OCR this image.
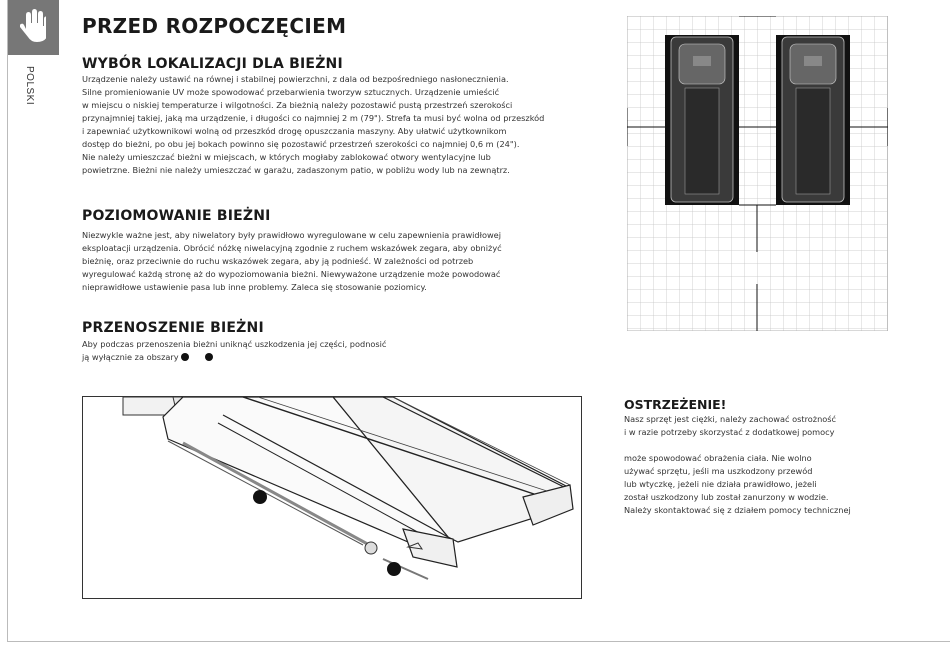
POLSKI
PRZED ROZPOCZĘCIEM
WYBÓR LOKALIZACJI DLA BIEŻNI

Urządzenie należy ustawić na równej i stabilnej powierzchni, z dala od bezpośredniego nasłonecznienia.
Silne promieniowanie UV może spowodować przebarwienia tworzyw sztucznych. Urządzenie umieścić
w miejscu o niskiej temperaturze i wilgotności. Za bieżnią należy pozostawić pustą przestrzeń szerokości
przynajmniej takiej, jaką ma urządzenie, i długości co najmniej 2 m (79"). Strefa ta musi być wolna od przeszkód
i zapewniać użytkownikowi wolną od przeszkód drogę opuszczania maszyny. Aby ułatwić użytkownikom
dostęp do bieżni, po obu jej bokach powinno się pozostawić przestrzeń szerokości co najmniej 0,6 m (24").
Nie należy umieszczać bieżni w miejscach, w których mogłaby zablokować otwory wentylacyjne lub
powietrzne. Bieżni nie należy umieszczać w garażu, zadaszonym patio, w pobliżu wody lub na zewnątrz.

POZIOMOWANIE BIEŻNI

Niezwykle ważne jest, aby niwelatory były prawidłowo wyregulowane w celu zapewnienia prawidłowej
eksploatacji urządzenia. Obrócić nóżkę niwelacyjną zgodnie z ruchem wskazówek zegara, aby obniżyć
bieżnię, oraz przeciwnie do ruchu wskazówek zegara, aby ją podnieść. W zależności od potrzeb
wyregulować każdą stronę aż do wypoziomowania bieżni. Niewyważone urządzenie może powodować
nieprawidłowe ustawienie pasa lub inne problemy. Zaleca się stosowanie poziomicy.

PRZENOSZENIE BIEŻNI

Aby podczas przenoszenia bieżni uniknąć uszkodzenia jej części, podnosić
ją wyłącznie za obszary

OSTRZEŻENIE!

Nasz sprzęt jest ciężki, należy zachować ostrożność
i w razie potrzeby skorzystać z dodatkowej pomocy

może spowodować obrażenia ciała. Nie wolno
używać sprzętu, jeśli ma uszkodzony przewód
lub wtyczkę, jeżeli nie działa prawidłowo, jeżeli
został uszkodzony lub został zanurzony w wodzie.
Należy skontaktować się z działem pomocy technicznej
